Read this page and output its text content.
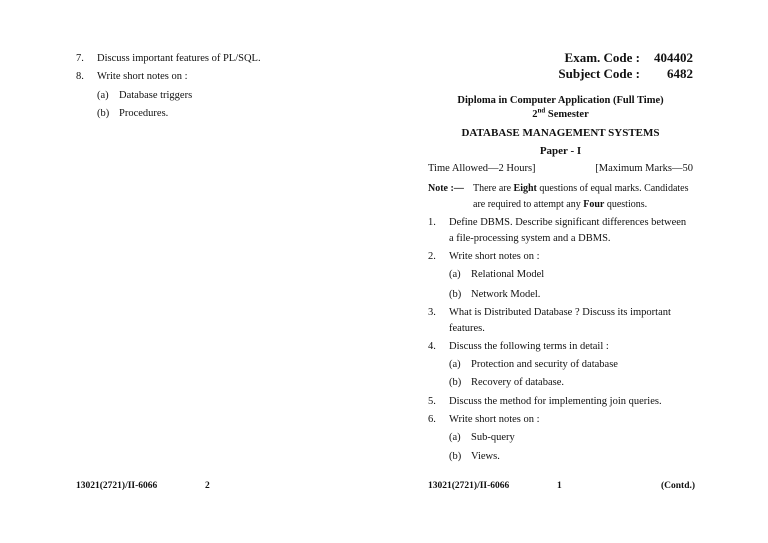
7. Discuss important features of PL/SQL.
8. Write short notes on :
(a) Database triggers
(b) Procedures.
13021(2721)/II-6066	2
Exam. Code :	404402
Subject Code :	6482
Diploma in Computer Application (Full Time)
2nd Semester
DATABASE MANAGEMENT SYSTEMS
Paper - I
Time Allowed—2 Hours]	[Maximum Marks—50
Note :— There are Eight questions of equal marks. Candidates
are required to attempt any Four questions.
1. Define DBMS. Describe significant differences between
a file-processing system and a DBMS.
2. Write short notes on :
(a) Relational Model
(b) Network Model.
3. What is Distributed Database ? Discuss its important
features.
4. Discuss the following terms in detail :
(a) Protection and security of database
(b) Recovery of database.
5. Discuss the method for implementing join queries.
6. Write short notes on :
(a) Sub-query
(b) Views.
13021(2721)/II-6066	1	(Contd.)
